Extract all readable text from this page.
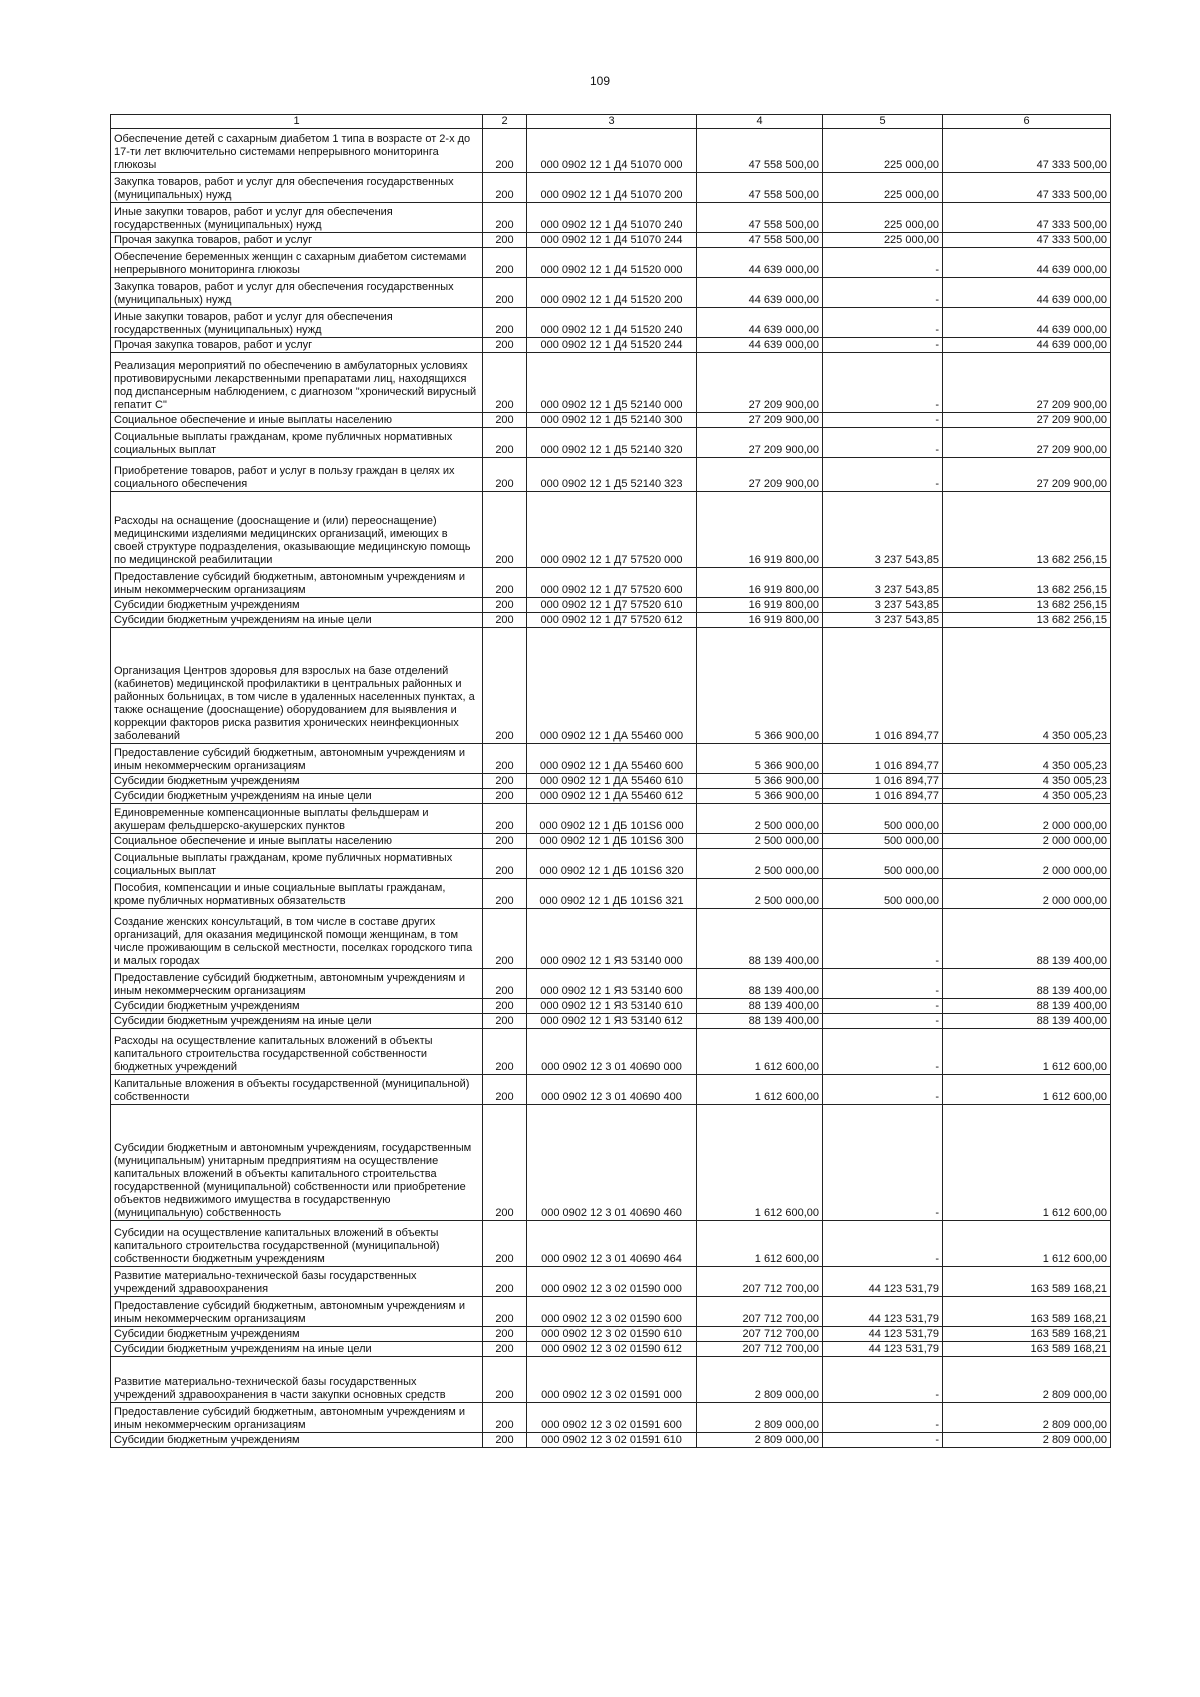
109
1	2	3	4	5	6
Обеспечение детей с сахарным диабетом 1 типа в возрасте от 2-х до 17-ти лет включительно системами непрерывного мониторинга глюкозы	200	000 0902 12 1 Д4 51070 000	47 558 500,00	225 000,00	47 333 500,00
Закупка товаров, работ и услуг для обеспечения государственных (муниципальных) нужд	200	000 0902 12 1 Д4 51070 200	47 558 500,00	225 000,00	47 333 500,00
Иные закупки товаров, работ и услуг для обеспечения государственных (муниципальных) нужд	200	000 0902 12 1 Д4 51070 240	47 558 500,00	225 000,00	47 333 500,00
Прочая закупка товаров, работ и услуг	200	000 0902 12 1 Д4 51070 244	47 558 500,00	225 000,00	47 333 500,00
Обеспечение беременных женщин с сахарным диабетом системами непрерывного мониторинга глюкозы	200	000 0902 12 1 Д4 51520 000	44 639 000,00	-	44 639 000,00
Закупка товаров, работ и услуг для обеспечения государственных (муниципальных) нужд	200	000 0902 12 1 Д4 51520 200	44 639 000,00	-	44 639 000,00
Иные закупки товаров, работ и услуг для обеспечения государственных (муниципальных) нужд	200	000 0902 12 1 Д4 51520 240	44 639 000,00	-	44 639 000,00
Прочая закупка товаров, работ и услуг	200	000 0902 12 1 Д4 51520 244	44 639 000,00	-	44 639 000,00
Реализация мероприятий по обеспечению в амбулаторных условиях противовирусными лекарственными препаратами лиц, находящихся под диспансерным наблюдением, с диагнозом "хронический вирусный гепатит С"	200	000 0902 12 1 Д5 52140 000	27 209 900,00	-	27 209 900,00
Социальное обеспечение и иные выплаты населению	200	000 0902 12 1 Д5 52140 300	27 209 900,00	-	27 209 900,00
Социальные выплаты гражданам, кроме публичных нормативных социальных выплат	200	000 0902 12 1 Д5 52140 320	27 209 900,00	-	27 209 900,00
Приобретение товаров, работ и услуг в пользу граждан в целях их социального обеспечения	200	000 0902 12 1 Д5 52140 323	27 209 900,00	-	27 209 900,00
Расходы на оснащение (дооснащение и (или) переоснащение) медицинскими изделиями медицинских организаций, имеющих в своей структуре подразделения, оказывающие медицинскую помощь по медицинской реабилитации	200	000 0902 12 1 Д7 57520 000	16 919 800,00	3 237 543,85	13 682 256,15
Предоставление субсидий бюджетным, автономным учреждениям и иным некоммерческим организациям	200	000 0902 12 1 Д7 57520 600	16 919 800,00	3 237 543,85	13 682 256,15
Субсидии бюджетным учреждениям	200	000 0902 12 1 Д7 57520 610	16 919 800,00	3 237 543,85	13 682 256,15
Субсидии бюджетным учреждениям на иные цели	200	000 0902 12 1 Д7 57520 612	16 919 800,00	3 237 543,85	13 682 256,15
Организация Центров здоровья для взрослых на базе отделений (кабинетов) медицинской профилактики в центральных районных и районных больницах, в том числе в удаленных населенных пунктах, а также оснащение (дооснащение) оборудованием для выявления и коррекции факторов риска развития хронических неинфекционных заболеваний	200	000 0902 12 1 ДА 55460 000	5 366 900,00	1 016 894,77	4 350 005,23
Предоставление субсидий бюджетным, автономным учреждениям и иным некоммерческим организациям	200	000 0902 12 1 ДА 55460 600	5 366 900,00	1 016 894,77	4 350 005,23
Субсидии бюджетным учреждениям	200	000 0902 12 1 ДА 55460 610	5 366 900,00	1 016 894,77	4 350 005,23
Субсидии бюджетным учреждениям на иные цели	200	000 0902 12 1 ДА 55460 612	5 366 900,00	1 016 894,77	4 350 005,23
Единовременные компенсационные выплаты фельдшерам и акушерам фельдшерско-акушерских пунктов	200	000 0902 12 1 ДБ 101S6 000	2 500 000,00	500 000,00	2 000 000,00
Социальное обеспечение и иные выплаты населению	200	000 0902 12 1 ДБ 101S6 300	2 500 000,00	500 000,00	2 000 000,00
Социальные выплаты гражданам, кроме публичных нормативных социальных выплат	200	000 0902 12 1 ДБ 101S6 320	2 500 000,00	500 000,00	2 000 000,00
Пособия, компенсации и иные социальные выплаты гражданам, кроме публичных нормативных обязательств	200	000 0902 12 1 ДБ 101S6 321	2 500 000,00	500 000,00	2 000 000,00
Создание женских консультаций, в том числе в составе других организаций, для оказания медицинской помощи женщинам, в том числе проживающим в сельской местности, поселках городского типа и малых городах	200	000 0902 12 1 Я3 53140 000	88 139 400,00	-	88 139 400,00
Предоставление субсидий бюджетным, автономным учреждениям и иным некоммерческим организациям	200	000 0902 12 1 Я3 53140 600	88 139 400,00	-	88 139 400,00
Субсидии бюджетным учреждениям	200	000 0902 12 1 Я3 53140 610	88 139 400,00	-	88 139 400,00
Субсидии бюджетным учреждениям на иные цели	200	000 0902 12 1 Я3 53140 612	88 139 400,00	-	88 139 400,00
Расходы на осуществление капитальных вложений в объекты капитального строительства государственной собственности бюджетных учреждений	200	000 0902 12 3 01 40690 000	1 612 600,00	-	1 612 600,00
Капитальные вложения в объекты государственной (муниципальной) собственности	200	000 0902 12 3 01 40690 400	1 612 600,00	-	1 612 600,00
Субсидии бюджетным и автономным учреждениям, государственным (муниципальным) унитарным предприятиям на осуществление капитальных вложений в объекты капитального строительства государственной (муниципальной) собственности или приобретение объектов недвижимого имущества в государственную (муниципальную) собственность	200	000 0902 12 3 01 40690 460	1 612 600,00	-	1 612 600,00
Субсидии на осуществление капитальных вложений в объекты капитального строительства государственной (муниципальной) собственности бюджетным учреждениям	200	000 0902 12 3 01 40690 464	1 612 600,00	-	1 612 600,00
Развитие материально-технической базы государственных учреждений здравоохранения	200	000 0902 12 3 02 01590 000	207 712 700,00	44 123 531,79	163 589 168,21
Предоставление субсидий бюджетным, автономным учреждениям и иным некоммерческим организациям	200	000 0902 12 3 02 01590 600	207 712 700,00	44 123 531,79	163 589 168,21
Субсидии бюджетным учреждениям	200	000 0902 12 3 02 01590 610	207 712 700,00	44 123 531,79	163 589 168,21
Субсидии бюджетным учреждениям на иные цели	200	000 0902 12 3 02 01590 612	207 712 700,00	44 123 531,79	163 589 168,21
Развитие материально-технической базы государственных учреждений здравоохранения в части закупки основных средств	200	000 0902 12 3 02 01591 000	2 809 000,00	-	2 809 000,00
Предоставление субсидий бюджетным, автономным учреждениям и иным некоммерческим организациям	200	000 0902 12 3 02 01591 600	2 809 000,00	-	2 809 000,00
Субсидии бюджетным учреждениям	200	000 0902 12 3 02 01591 610	2 809 000,00	-	2 809 000,00
